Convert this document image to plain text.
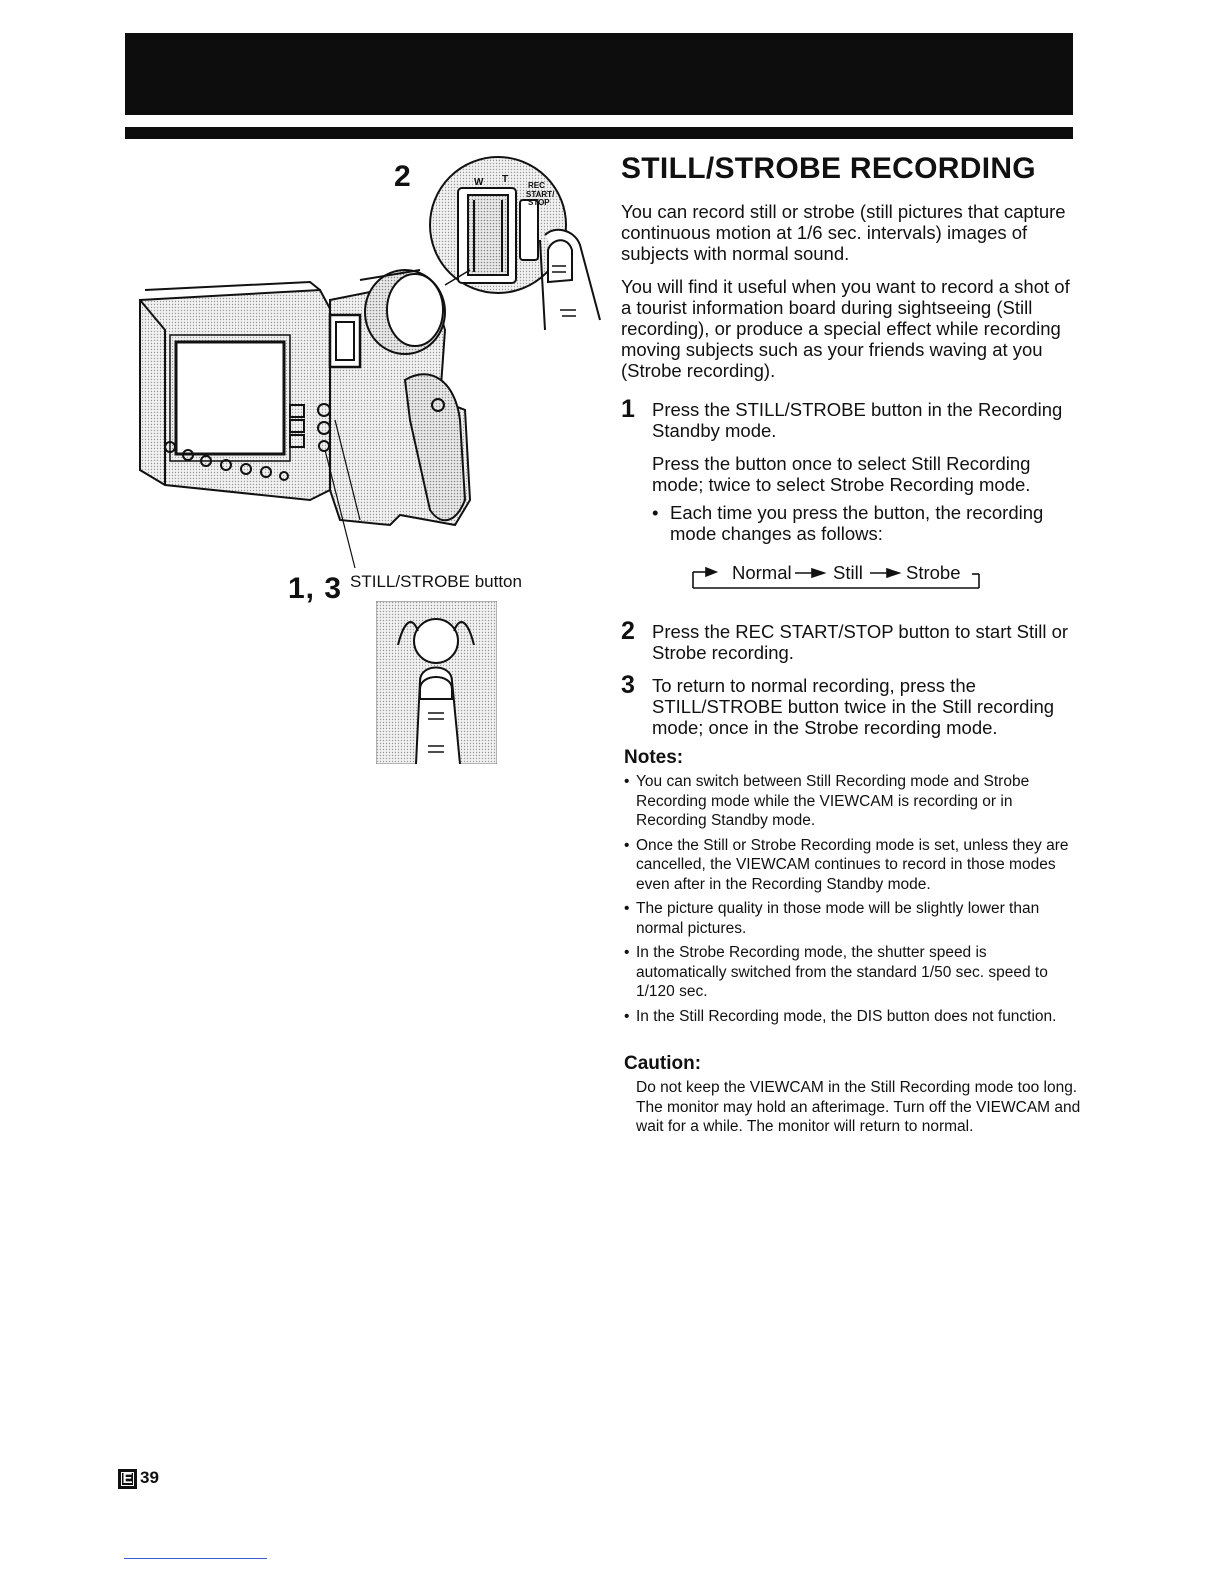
W T
REC
START/
STOP
2
1, 3 STILL/STROBE button
STILL/STROBE RECORDING

You can record still or strobe (still pictures that capture continuous motion at 1/6 sec. intervals) images of subjects with normal sound.

You will find it useful when you want to record a shot of a tourist information board during sightseeing (Still recording), or produce a special effect while recording moving subjects such as your friends waving at you (Strobe recording).

1 Press the STILL/STROBE button in the Recording Standby mode.

Press the button once to select Still Recording mode; twice to select Strobe Recording mode.

• Each time you press the button, the recording mode changes as follows:

Normal Still Strobe
2 Press the REC START/STOP button to start Still or Strobe recording.

3 To return to normal recording, press the STILL/STROBE button twice in the Still recording mode; once in the Strobe recording mode.

Notes:
• You can switch between Still Recording mode and Strobe Recording mode while the VIEWCAM is recording or in Recording Standby mode.
• Once the Still or Strobe Recording mode is set, unless they are cancelled, the VIEWCAM continues to record in those modes even after in the Recording Standby mode.
• The picture quality in those mode will be slightly lower than normal pictures.
• In the Strobe Recording mode, the shutter speed is automatically switched from the standard 1/50 sec. speed to 1/120 sec.
• In the Still Recording mode, the DIS button does not function.
Caution:

Do not keep the VIEWCAM in the Still Recording mode too long. The monitor may hold an afterimage. Turn off the VIEWCAM and wait for a while. The monitor will return to normal.

E 39
